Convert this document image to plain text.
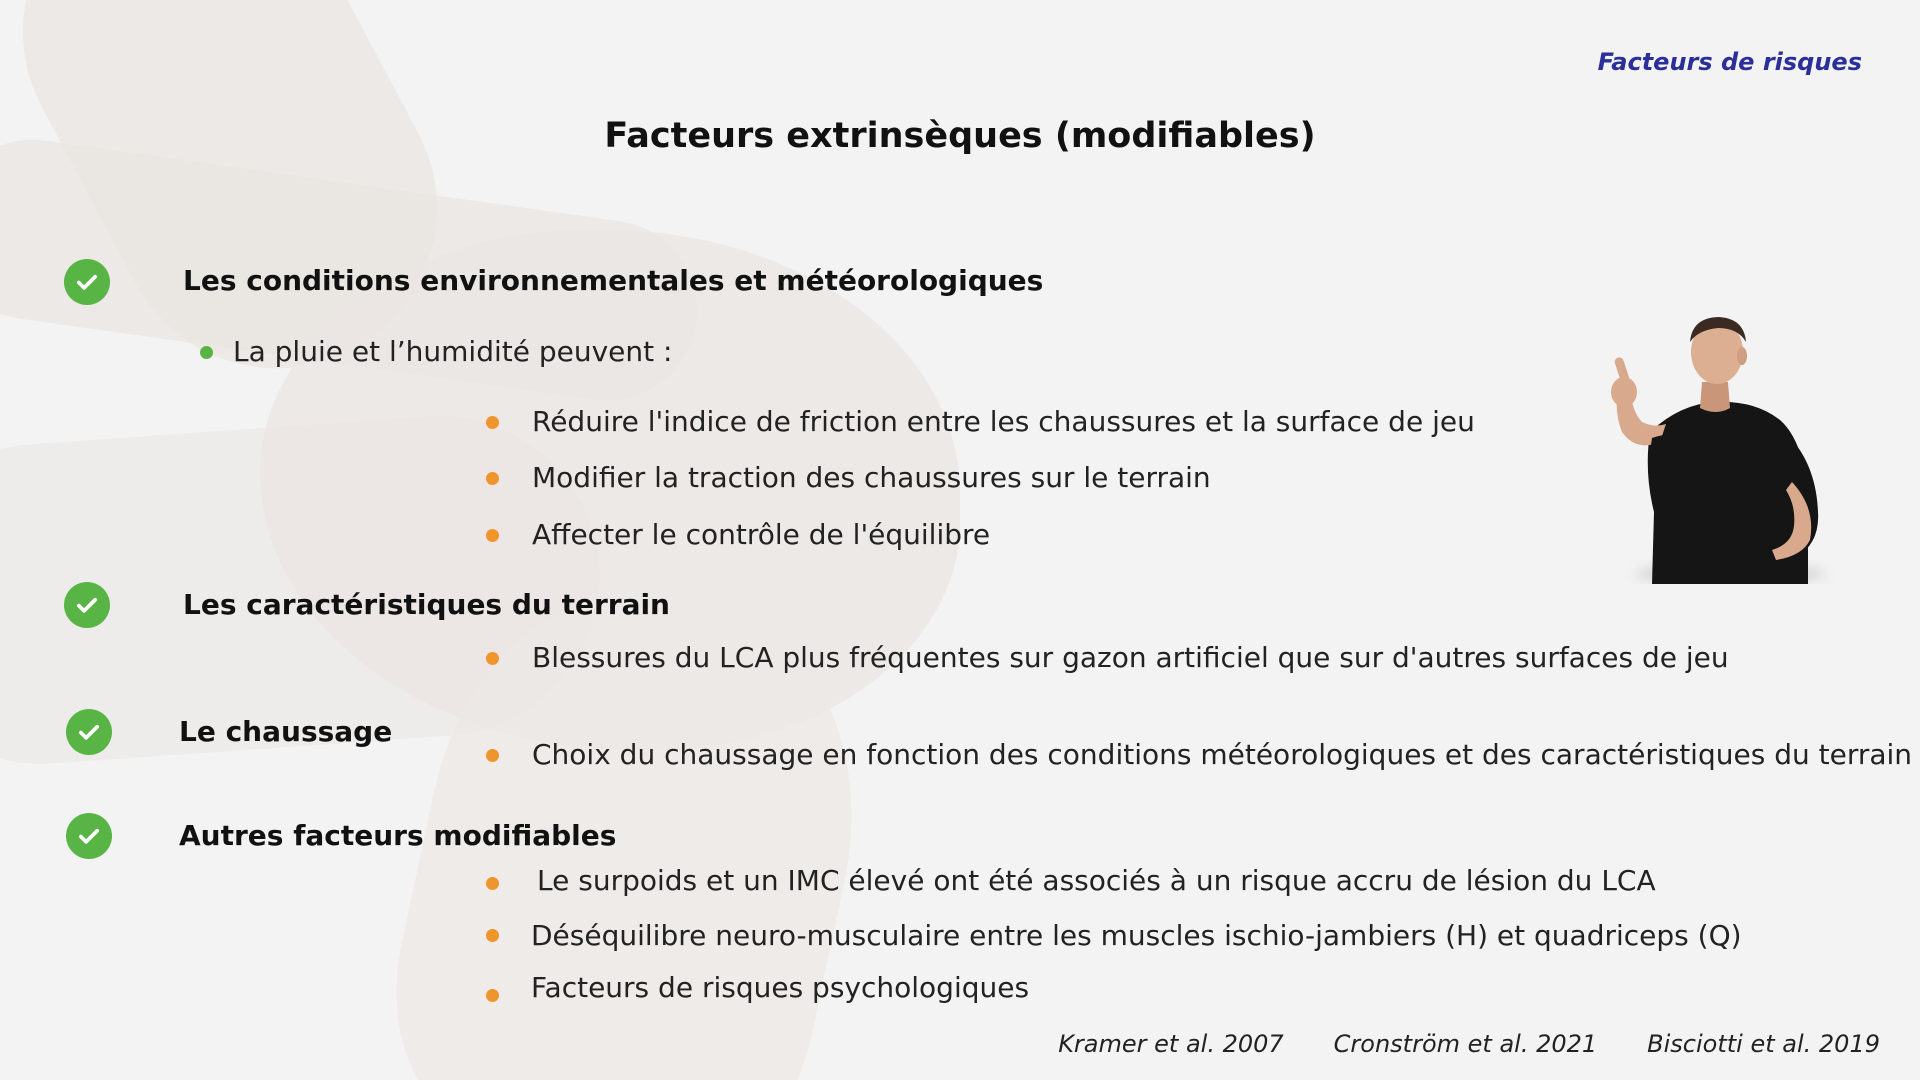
Facteurs de risques
Facteurs extrinsèques (modifiables)
Les conditions environnementales et météorologiques
La pluie et l’humidité peuvent :
Réduire l'indice de friction entre les chaussures et la surface de jeu
Modifier la traction des chaussures sur le terrain
Affecter le contrôle de l'équilibre
Les caractéristiques du terrain
Blessures du LCA plus fréquentes sur gazon artificiel que sur d'autres surfaces de jeu
Le chaussage
Choix du chaussage en fonction des conditions météorologiques et des caractéristiques du terrain
Autres facteurs modifiables
Le surpoids et un IMC élevé ont été associés à un risque accru de lésion du LCA
Déséquilibre neuro-musculaire entre les muscles ischio-jambiers (H) et quadriceps (Q)
Facteurs de risques psychologiques
Kramer et al. 2007 Cronström et al. 2021 Bisciotti et al. 2019
